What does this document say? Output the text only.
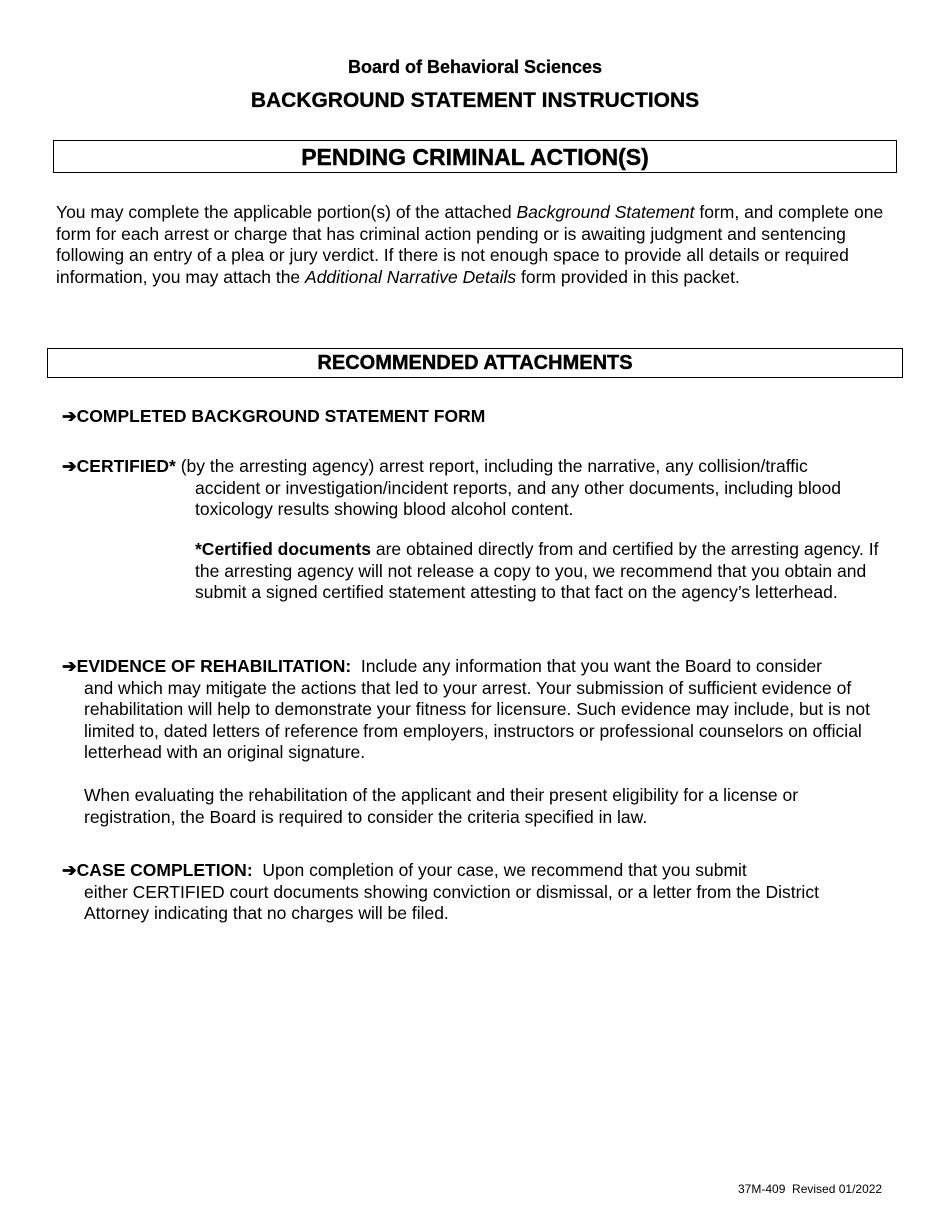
Board of Behavioral Sciences
BACKGROUND STATEMENT INSTRUCTIONS
PENDING CRIMINAL ACTION(S)
You may complete the applicable portion(s) of the attached Background Statement form, and complete one form for each arrest or charge that has criminal action pending or is awaiting judgment and sentencing following an entry of a plea or jury verdict. If there is not enough space to provide all details or required information, you may attach the Additional Narrative Details form provided in this packet.
RECOMMENDED ATTACHMENTS
➔COMPLETED BACKGROUND STATEMENT FORM
➔CERTIFIED* (by the arresting agency) arrest report, including the narrative, any collision/traffic
accident or investigation/incident reports, and any other documents, including blood toxicology results showing blood alcohol content.
*Certified documents are obtained directly from and certified by the arresting agency. If the arresting agency will not release a copy to you, we recommend that you obtain and submit a signed certified statement attesting to that fact on the agency’s letterhead.
➔EVIDENCE OF REHABILITATION:  Include any information that you want the Board to consider
and which may mitigate the actions that led to your arrest. Your submission of sufficient evidence of rehabilitation will help to demonstrate your fitness for licensure. Such evidence may include, but is not limited to, dated letters of reference from employers, instructors or professional counselors on official letterhead with an original signature.
When evaluating the rehabilitation of the applicant and their present eligibility for a license or registration, the Board is required to consider the criteria specified in law.
➔CASE COMPLETION:  Upon completion of your case, we recommend that you submit
either CERTIFIED court documents showing conviction or dismissal, or a letter from the District Attorney indicating that no charges will be filed.
37M-409  Revised 01/2022
